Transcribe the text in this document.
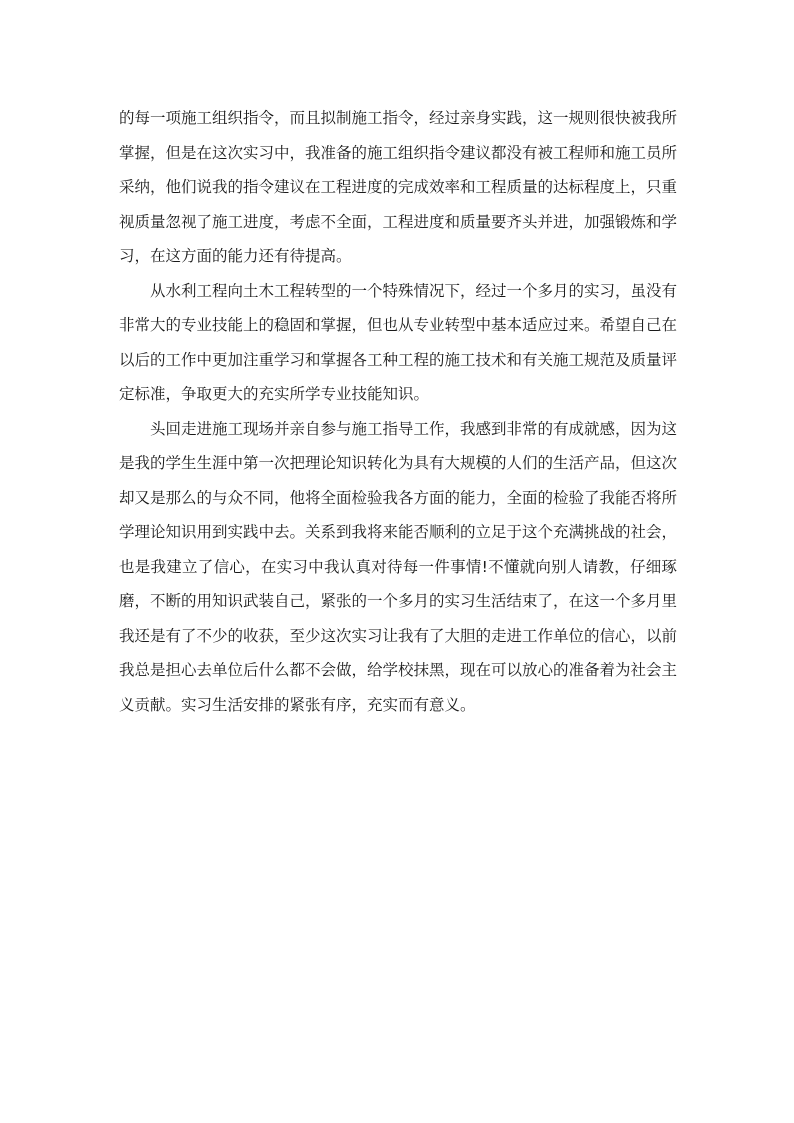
的每一项施工组织指令，而且拟制施工指令，经过亲身实践，这一规则很快被我所掌握，但是在这次实习中，我准备的施工组织指令建议都没有被工程师和施工员所采纳，他们说我的指令建议在工程进度的完成效率和工程质量的达标程度上，只重视质量忽视了施工进度，考虑不全面，工程进度和质量要齐头并进，加强锻炼和学习，在这方面的能力还有待提高。

从水利工程向土木工程转型的一个特殊情况下，经过一个多月的实习，虽没有非常大的专业技能上的稳固和掌握，但也从专业转型中基本适应过来。希望自己在以后的工作中更加注重学习和掌握各工种工程的施工技术和有关施工规范及质量评定标准，争取更大的充实所学专业技能知识。

头回走进施工现场并亲自参与施工指导工作，我感到非常的有成就感，因为这是我的学生生涯中第一次把理论知识转化为具有大规模的人们的生活产品，但这次却又是那么的与众不同，他将全面检验我各方面的能力，全面的检验了我能否将所学理论知识用到实践中去。关系到我将来能否顺利的立足于这个充满挑战的社会，也是我建立了信心，在实习中我认真对待每一件事情!不懂就向别人请教，仔细琢磨，不断的用知识武装自己，紧张的一个多月的实习生活结束了，在这一个多月里我还是有了不少的收获，至少这次实习让我有了大胆的走进工作单位的信心，以前我总是担心去单位后什么都不会做，给学校抹黑，现在可以放心的准备着为社会主义贡献。实习生活安排的紧张有序，充实而有意义。
